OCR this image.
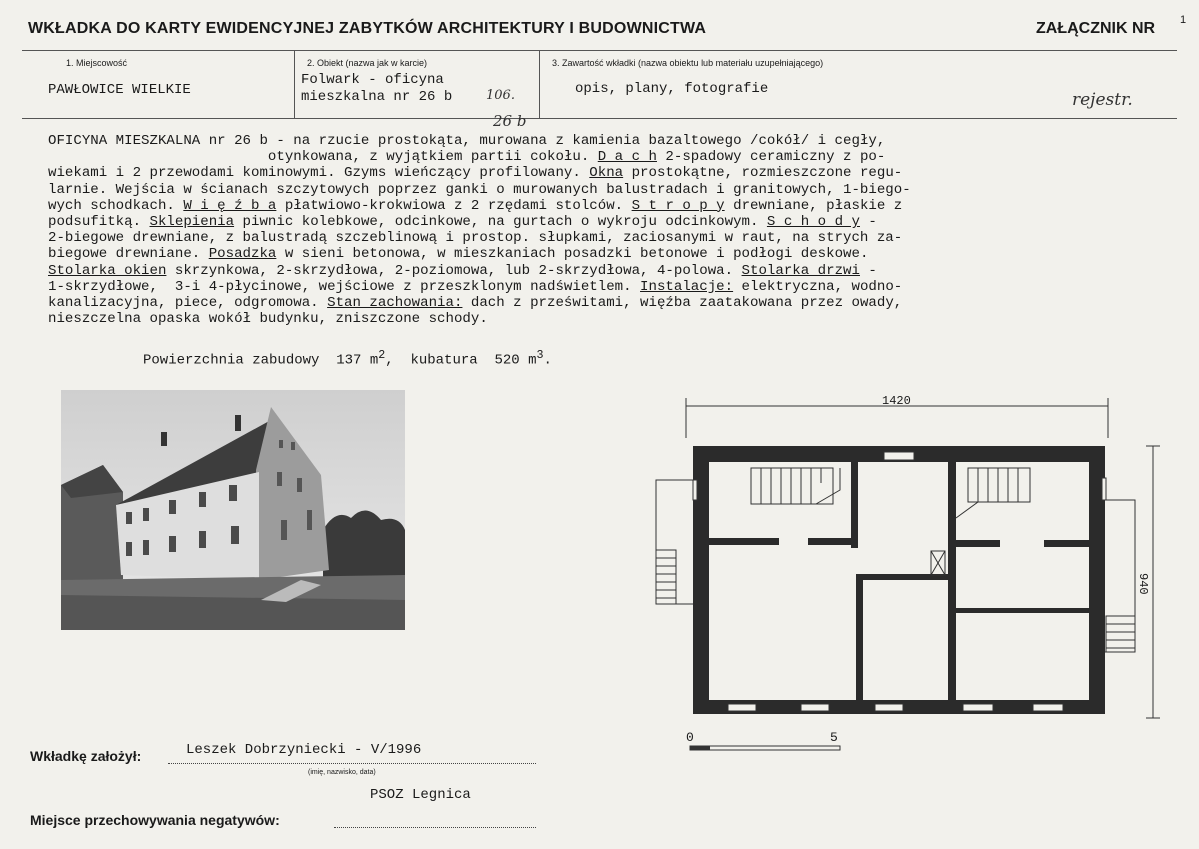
WKŁADKA DO KARTY EWIDENCYJNEJ ZABYTKÓW ARCHITEKTURY I BUDOWNICTWA	ZAŁĄCZNIK NR 1
1. Miejscowość
PAWŁOWICE WIELKIE
2. Obiekt (nazwa jak w karcie)
Folwark - oficyna
mieszkalna nr 26 b	106.
26 b
3. Zawartość wkładki (nazwa obiektu lub materiału uzupełniającego)
opis, plany, fotografie
rejestr.
OFICYNA MIESZKALNA nr 26 b - na rzucie prostokąta, murowana z kamienia bazaltowego /cokół/ i cegły,
otynkowana, z wyjątkiem partii cokołu. D a c h 2-spadowy ceramiczny z po-
wiekami i 2 przewodami kominowymi. Gzyms wieńczący profilowany. Okna prostokątne, rozmieszczone regu-
larnie. Wejścia w ścianach szczytowych poprzez ganki o murowanych balustradach i granitowych, 1-biego-
wych schodkach. W i ę ź b a płatwiowo-krokwiowa z 2 rzędami stolców. S t r o p y drewniane, płaskie z
podsufitką. Sklepienia piwnic kolebkowe, odcinkowe, na gurtach o wykroju odcinkowym. S c h o d y -
2-biegowe drewniane, z balustradą szczeblinową i prostop. słupkami, zaciosanymi w raut, na strych za-
biegowe drewniane. Posadzka w sieni betonowa, w mieszkaniach posadzki betonowe i podłogi deskowe.
Stolarka okien skrzynkowa, 2-skrzydłowa, 2-poziomowa, lub 2-skrzydłowa, 4-polowa. Stolarka drzwi -
1-skrzydłowe,  3-i 4-płycinowe, wejściowe z przeszklonym nadświetlem. Instalacje: elektryczna, wodno-
kanalizacyjna, piece, odgromowa. Stan zachowania: dach z prześwitami, więźba zaatakowana przez owady,
nieszczelna opaska wokół budynku, zniszczone schody.
Powierzchnia zabudowy  137 $m^2$,  kubatura  520 $m^3$.
1420
940
0	5
Wkładkę założył:	Leszek Dobrzyniecki - V/1996
(imię, nazwisko, data)
PSOZ Legnica
Miejsce przechowywania negatywów:
